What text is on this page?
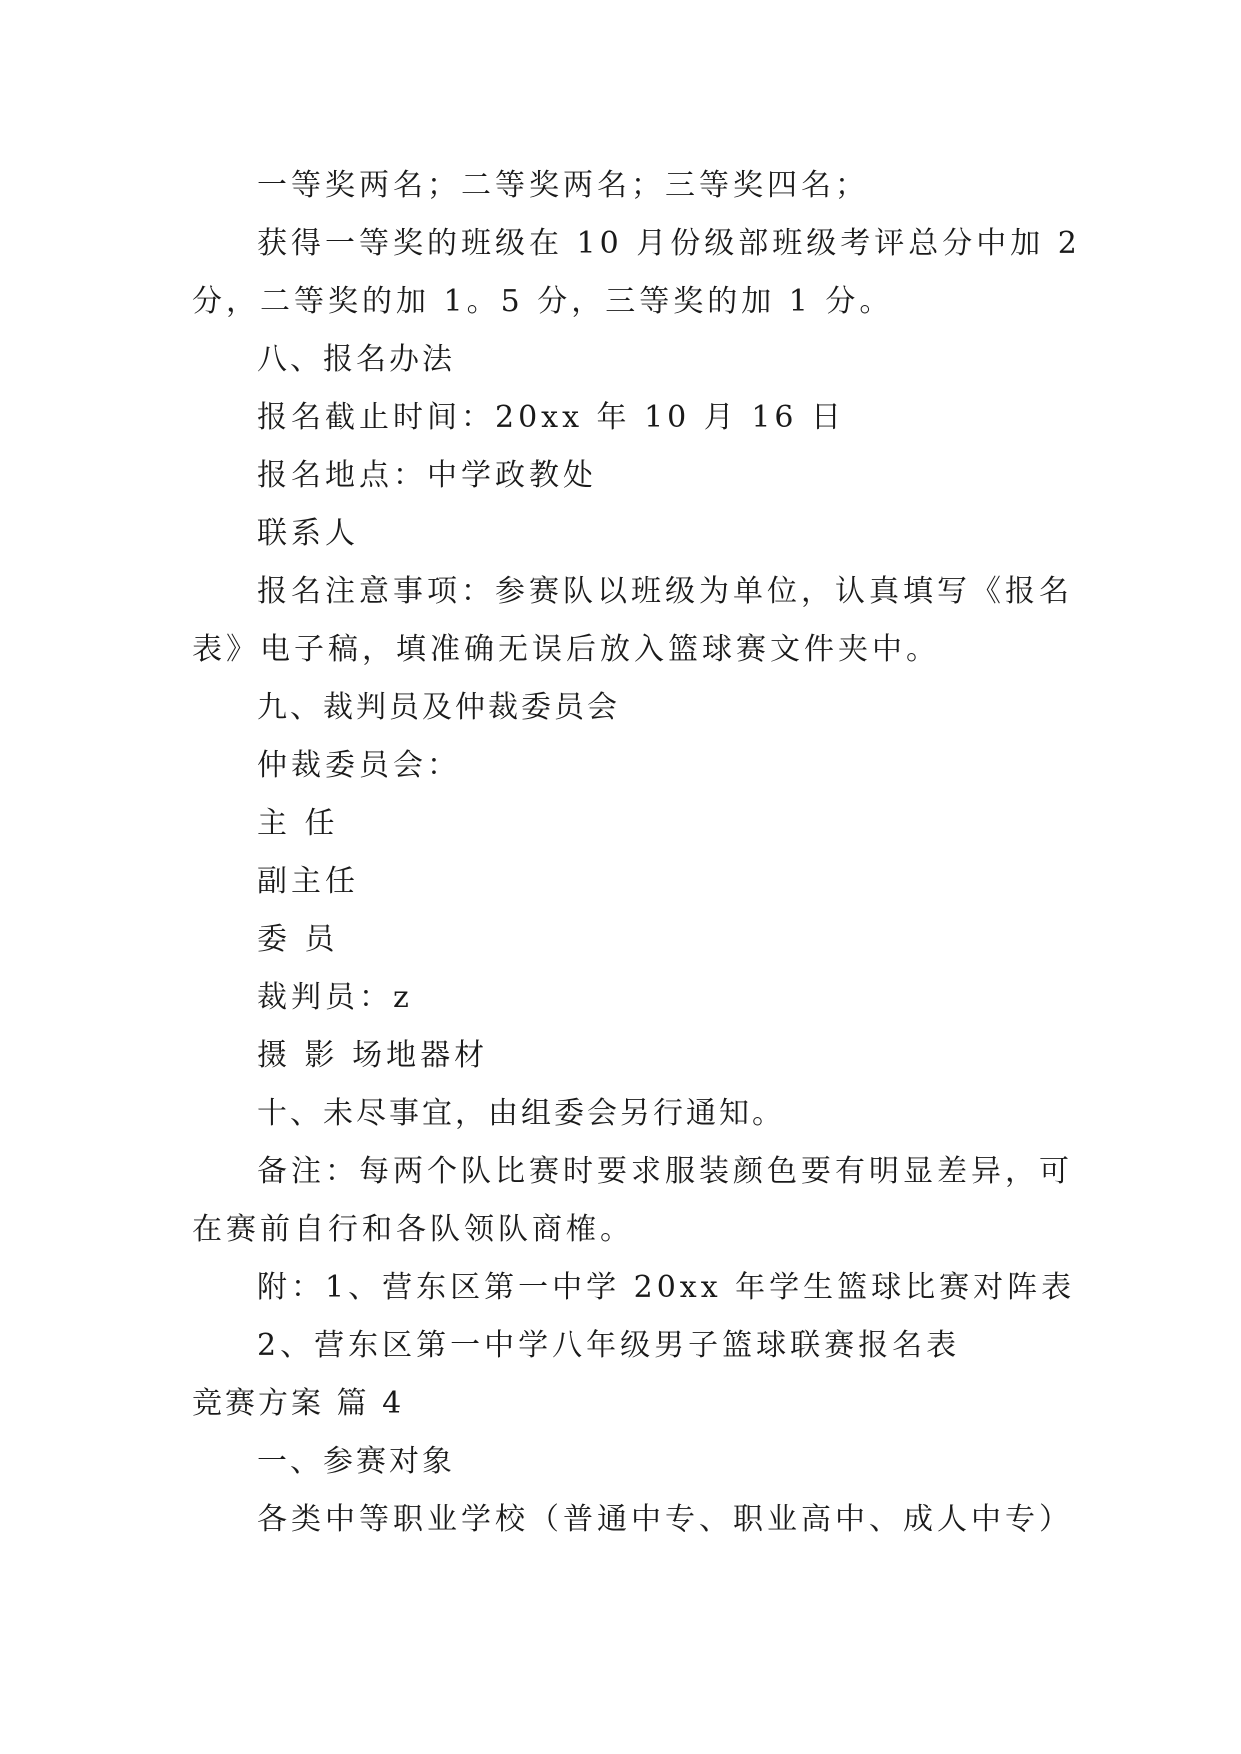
一等奖两名；二等奖两名；三等奖四名；
获得一等奖的班级在 10 月份级部班级考评总分中加 2
分，二等奖的加 1。5 分，三等奖的加 1 分。
八、报名办法
报名截止时间：20xx 年 10 月 16 日
报名地点：中学政教处
联系人
报名注意事项：参赛队以班级为单位，认真填写《报名
表》电子稿，填准确无误后放入篮球赛文件夹中。
九、裁判员及仲裁委员会
仲裁委员会：
主 任
副主任
委 员
裁判员：z
摄 影 场地器材
十、未尽事宜，由组委会另行通知。
备注：每两个队比赛时要求服装颜色要有明显差异，可
在赛前自行和各队领队商榷。
附：1、营东区第一中学 20xx 年学生篮球比赛对阵表
2、营东区第一中学八年级男子篮球联赛报名表
竞赛方案 篇 4
一、参赛对象
各类中等职业学校（普通中专、职业高中、成人中专）
